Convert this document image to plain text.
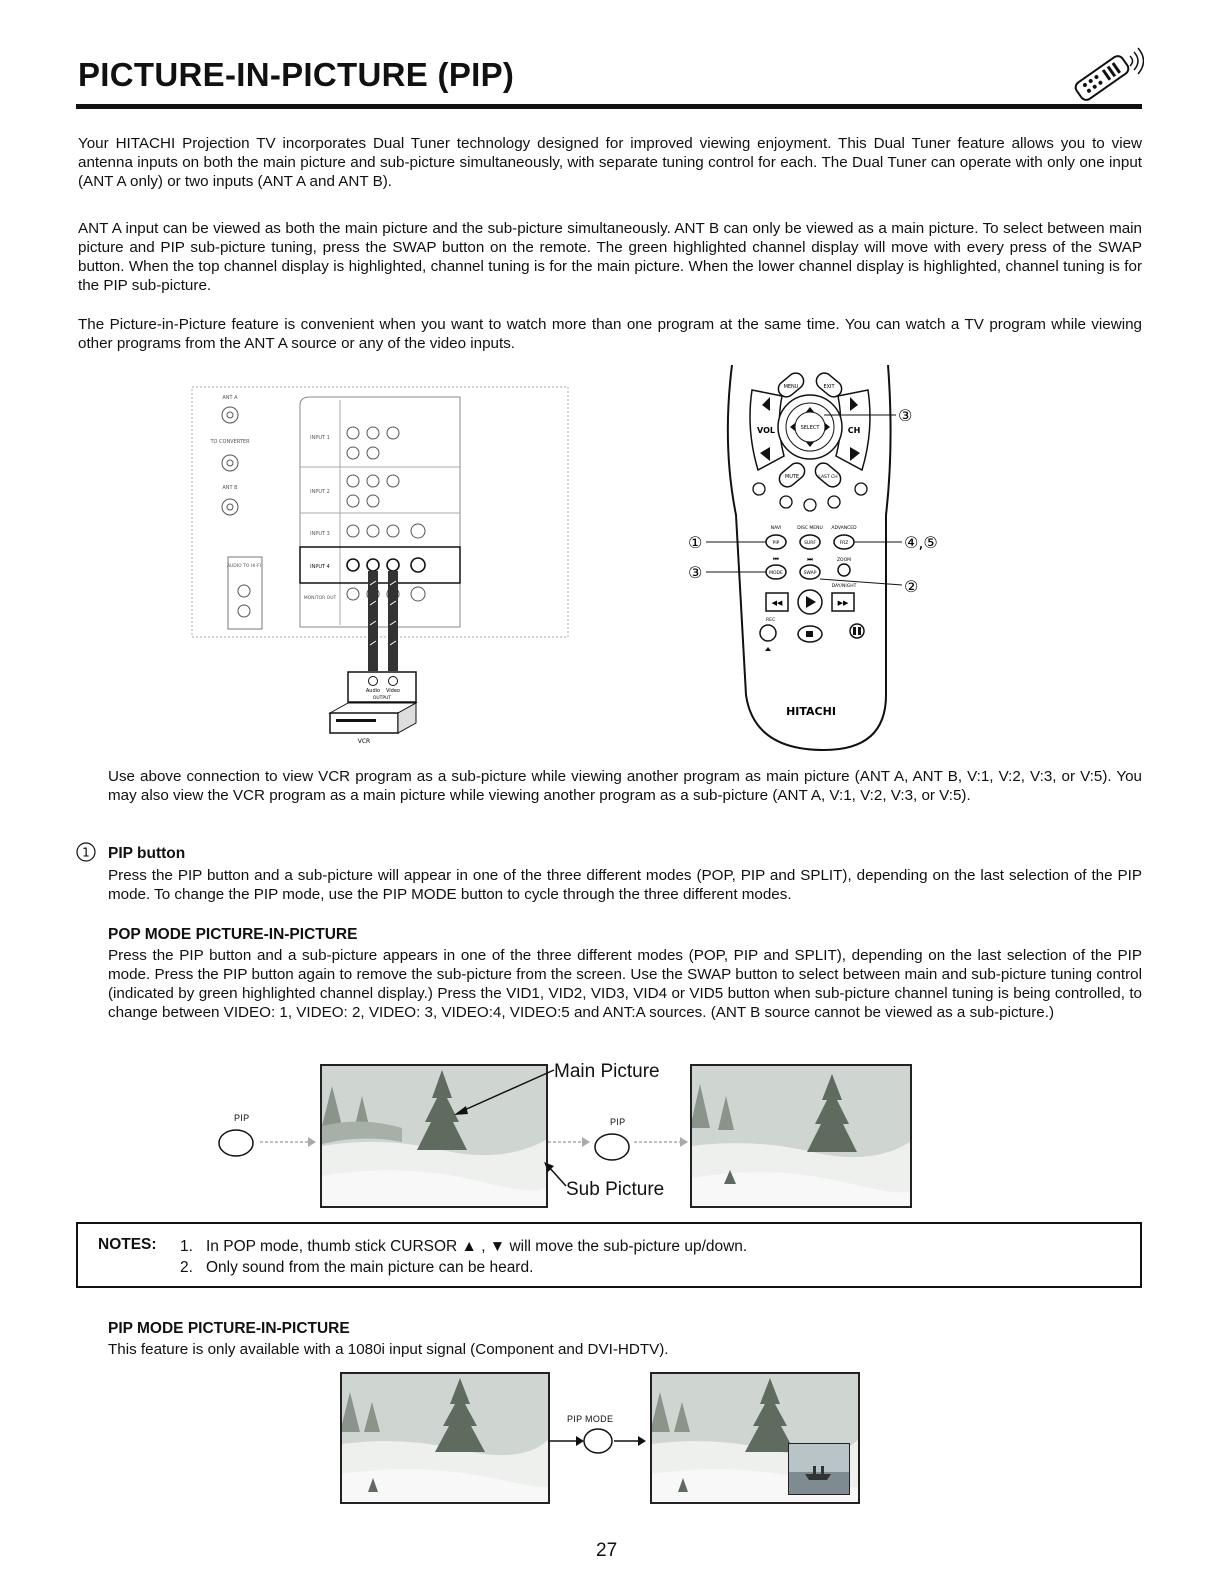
PICTURE-IN-PICTURE (PIP)

Your HITACHI Projection TV incorporates Dual Tuner technology designed for improved viewing enjoyment. This Dual Tuner feature allows you to view antenna inputs on both the main picture and sub-picture simultaneously, with separate tuning control for each. The Dual Tuner can operate with only one input (ANT A only) or two inputs (ANT A and ANT B).

ANT A input can be viewed as both the main picture and the sub-picture simultaneously. ANT B can only be viewed as a main picture. To select between main picture and PIP sub-picture tuning, press the SWAP button on the remote. The green highlighted channel display will move with every press of the SWAP button. When the top channel display is highlighted, channel tuning is for the main picture. When the lower channel display is highlighted, channel tuning is for the PIP sub-picture.

The Picture-in-Picture feature is convenient when you want to watch more than one program at the same time. You can watch a TV program while viewing other programs from the ANT A source or any of the video inputs.

ANT A
TO CONVERTER
ANT B
AUDIO TO HI-FI
INPUT 1
INPUT 2
INPUT 3
INPUT 4
MONITOR OUT
Audio Video
OUTPUT
VCR
MENU	EXIT
VOL	CH
SELECT
MUTE	LAST CH
NAVI	DISC MENU ADVANCED
PIP	SURF	FRZ
⏮	⏭	ZOOM
MODE	SWAP
DAY/NIGHT
◀◀	▶▶
REC
HITACHI
③
④,⑤
①
③
②

Use above connection to view VCR program as a sub-picture while viewing another program as main picture (ANT A, ANT B, V:1, V:2, V:3, or V:5). You may also view the VCR program as a main picture while viewing another program as a sub-picture (ANT A, V:1, V:2, V:3, or V:5).

1 PIP button

Press the PIP button and a sub-picture will appear in one of the three different modes (POP, PIP and SPLIT), depending on the last selection of the PIP mode. To change the PIP mode, use the PIP MODE button to cycle through the three different modes.

POP MODE PICTURE-IN-PICTURE

Press the PIP button and a sub-picture appears in one of the three different modes (POP, PIP and SPLIT), depending on the last selection of the PIP mode. Press the PIP button again to remove the sub-picture from the screen. Use the SWAP button to select between main and sub-picture tuning control (indicated by green highlighted channel display.) Press the VID1, VID2, VID3, VID4 or VID5 button when sub-picture channel tuning is being controlled, to change between VIDEO: 1, VIDEO: 2, VIDEO: 3, VIDEO:4, VIDEO:5 and ANT:A sources. (ANT B source cannot be viewed as a sub-picture.)

PIP
Main Picture
Sub Picture
PIP
NOTES: 1. In POP mode, thumb stick CURSOR ▲ , ▼ will move the sub-picture up/down.
2. Only sound from the main picture can be heard.
PIP MODE PICTURE-IN-PICTURE

This feature is only available with a 1080i input signal (Component and DVI-HDTV).

PIP MODE
27
